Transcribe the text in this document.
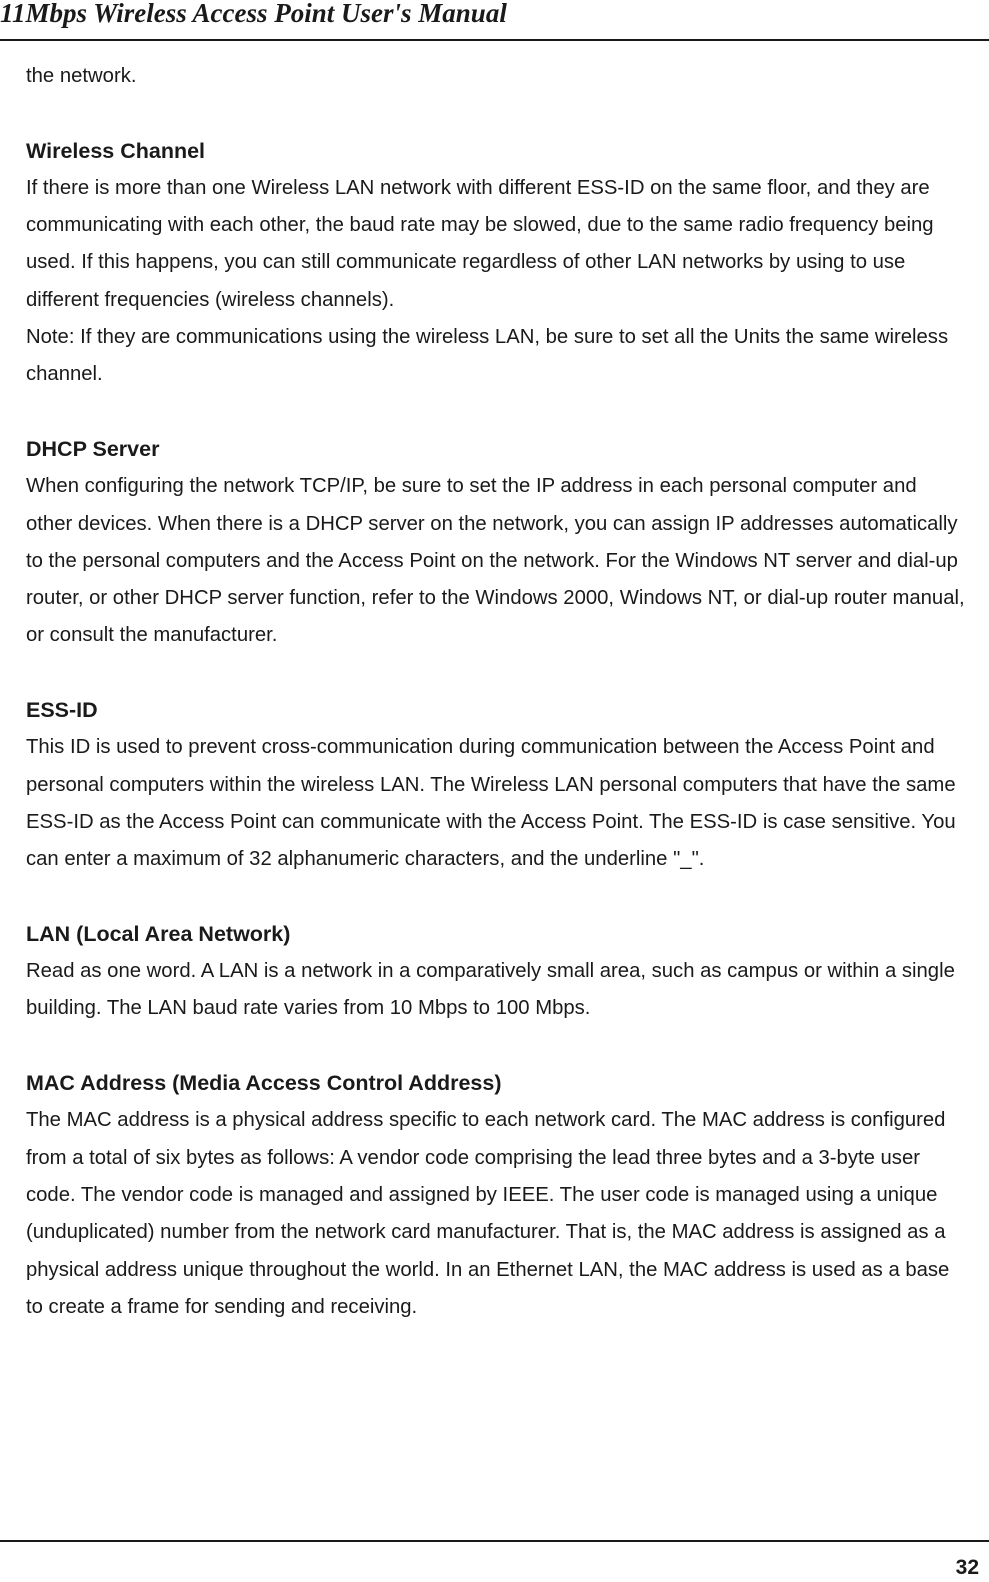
11Mbps Wireless Access Point User's Manual

the network.

Wireless Channel

If there is more than one Wireless LAN network with different ESS-ID on the same floor, and they are communicating with each other, the baud rate may be slowed, due to the same radio frequency being used. If this happens, you can still communicate regardless of other LAN networks by using to use different frequencies (wireless channels).

Note: If they are communications using the wireless LAN, be sure to set all the Units the same wireless channel.

DHCP Server

When configuring the network TCP/IP, be sure to set the IP address in each personal computer and other devices. When there is a DHCP server on the network, you can assign IP addresses automatically to the personal computers and the Access Point on the network. For the Windows NT server and dial-up router, or other DHCP server function, refer to the Windows 2000, Windows NT, or dial-up router manual, or consult the manufacturer.

ESS-ID

This ID is used to prevent cross-communication during communication between the Access Point and personal computers within the wireless LAN. The Wireless LAN personal computers that have the same ESS-ID as the Access Point can communicate with the Access Point. The ESS-ID is case sensitive. You can enter a maximum of 32 alphanumeric characters, and the underline "_".

LAN (Local Area Network)

Read as one word. A LAN is a network in a comparatively small area, such as campus or within a single building. The LAN baud rate varies from 10 Mbps to 100 Mbps.

MAC Address (Media Access Control Address)

The MAC address is a physical address specific to each network card. The MAC address is configured from a total of six bytes as follows: A vendor code comprising the lead three bytes and a 3-byte user code. The vendor code is managed and assigned by IEEE. The user code is managed using a unique (unduplicated) number from the network card manufacturer. That is, the MAC address is assigned as a physical address unique throughout the world. In an Ethernet LAN, the MAC address is used as a base to create a frame for sending and receiving.

32
